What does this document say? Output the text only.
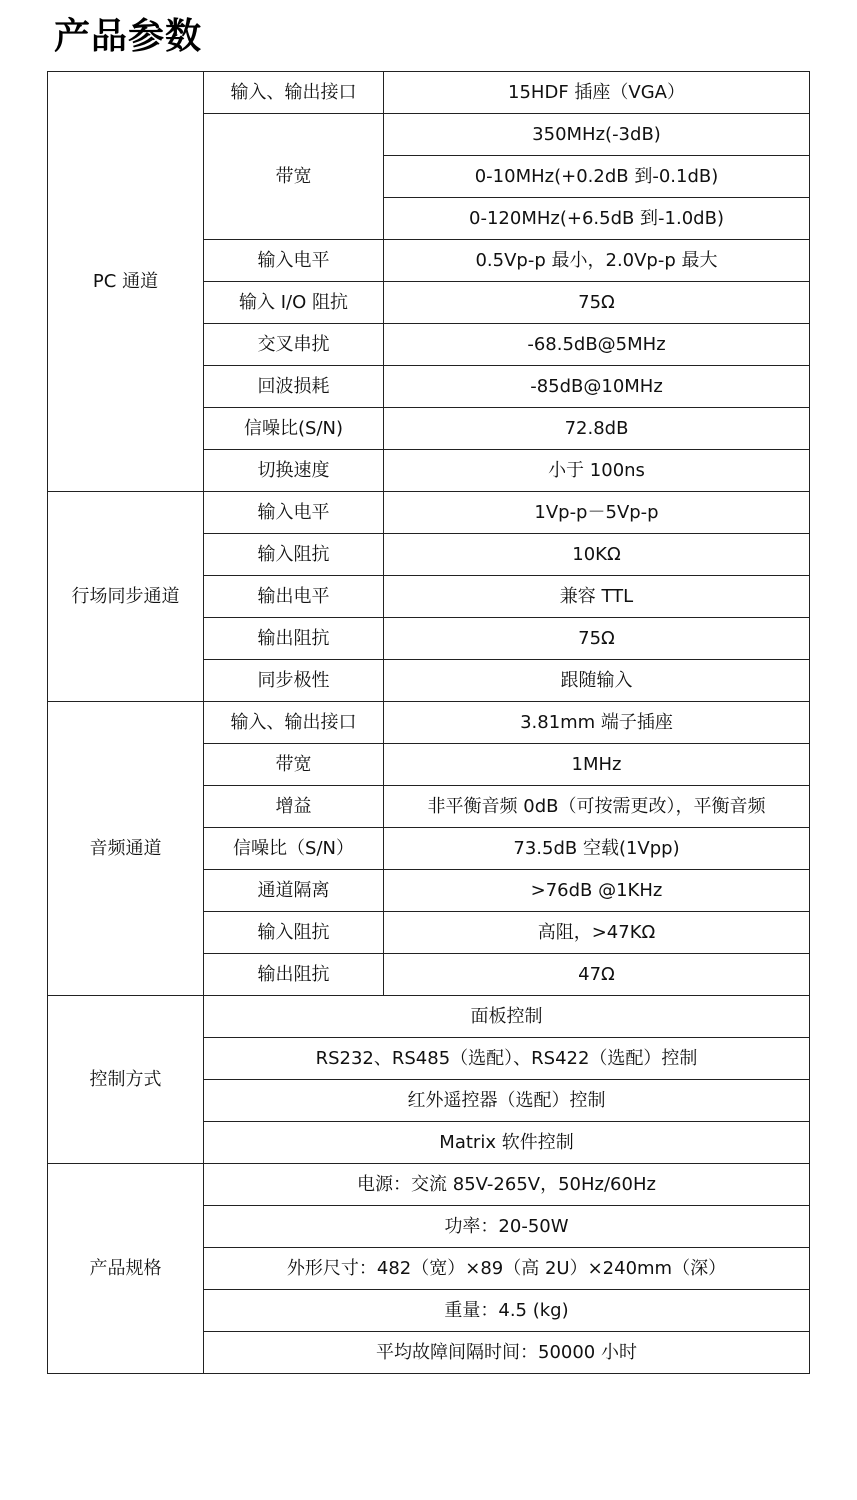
产品参数
PC 通道	输入、输出接口	15HDF 插座（VGA）
	带宽	350MHz(-3dB)
		0-10MHz(+0.2dB 到-0.1dB)
		0-120MHz(+6.5dB 到-1.0dB)
	输入电平	0.5Vp-p 最小，2.0Vp-p 最大
	输入 I/O 阻抗	75Ω
	交叉串扰	-68.5dB@5MHz
	回波损耗	-85dB@10MHz
	信噪比(S/N)	72.8dB
	切换速度	小于 100ns
行场同步通道	输入电平	1Vp-p－5Vp-p
	输入阻抗	10KΩ
	输出电平	兼容 TTL
	输出阻抗	75Ω
	同步极性	跟随输入
音频通道	输入、输出接口	3.81mm 端子插座
	带宽	1MHz
	增益	非平衡音频 0dB（可按需更改），平衡音频
	信噪比（S/N）	73.5dB 空载(1Vpp)
	通道隔离	>76dB @1KHz
	输入阻抗	高阻，>47KΩ
	输出阻抗	47Ω
控制方式	面板控制	
	RS232、RS485（选配）、RS422（选配）控制	
	红外遥控器（选配）控制	
	Matrix 软件控制	
产品规格	电源：交流 85V-265V，50Hz/60Hz	
	功率：20-50W	
	外形尺寸：482（宽）×89（高 2U）×240mm（深）	
	重量：4.5 (kg)	
	平均故障间隔时间：50000 小时	
